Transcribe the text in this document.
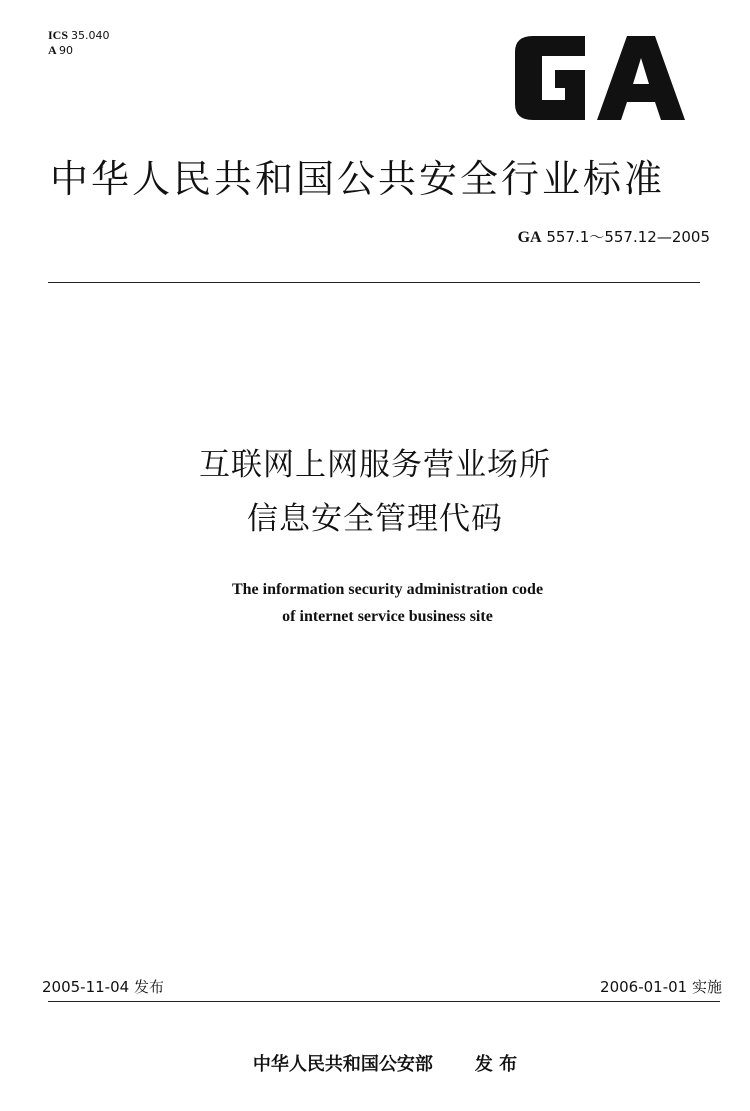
ICS 35.040
A 90
中华人民共和国公共安全行业标准
GA 557.1～557.12—2005
互联网上网服务营业场所
信息安全管理代码
The information security administration code
of internet service business site
2005-11-04 发布	2006-01-01 实施
中华人民共和国公安部 发 布
